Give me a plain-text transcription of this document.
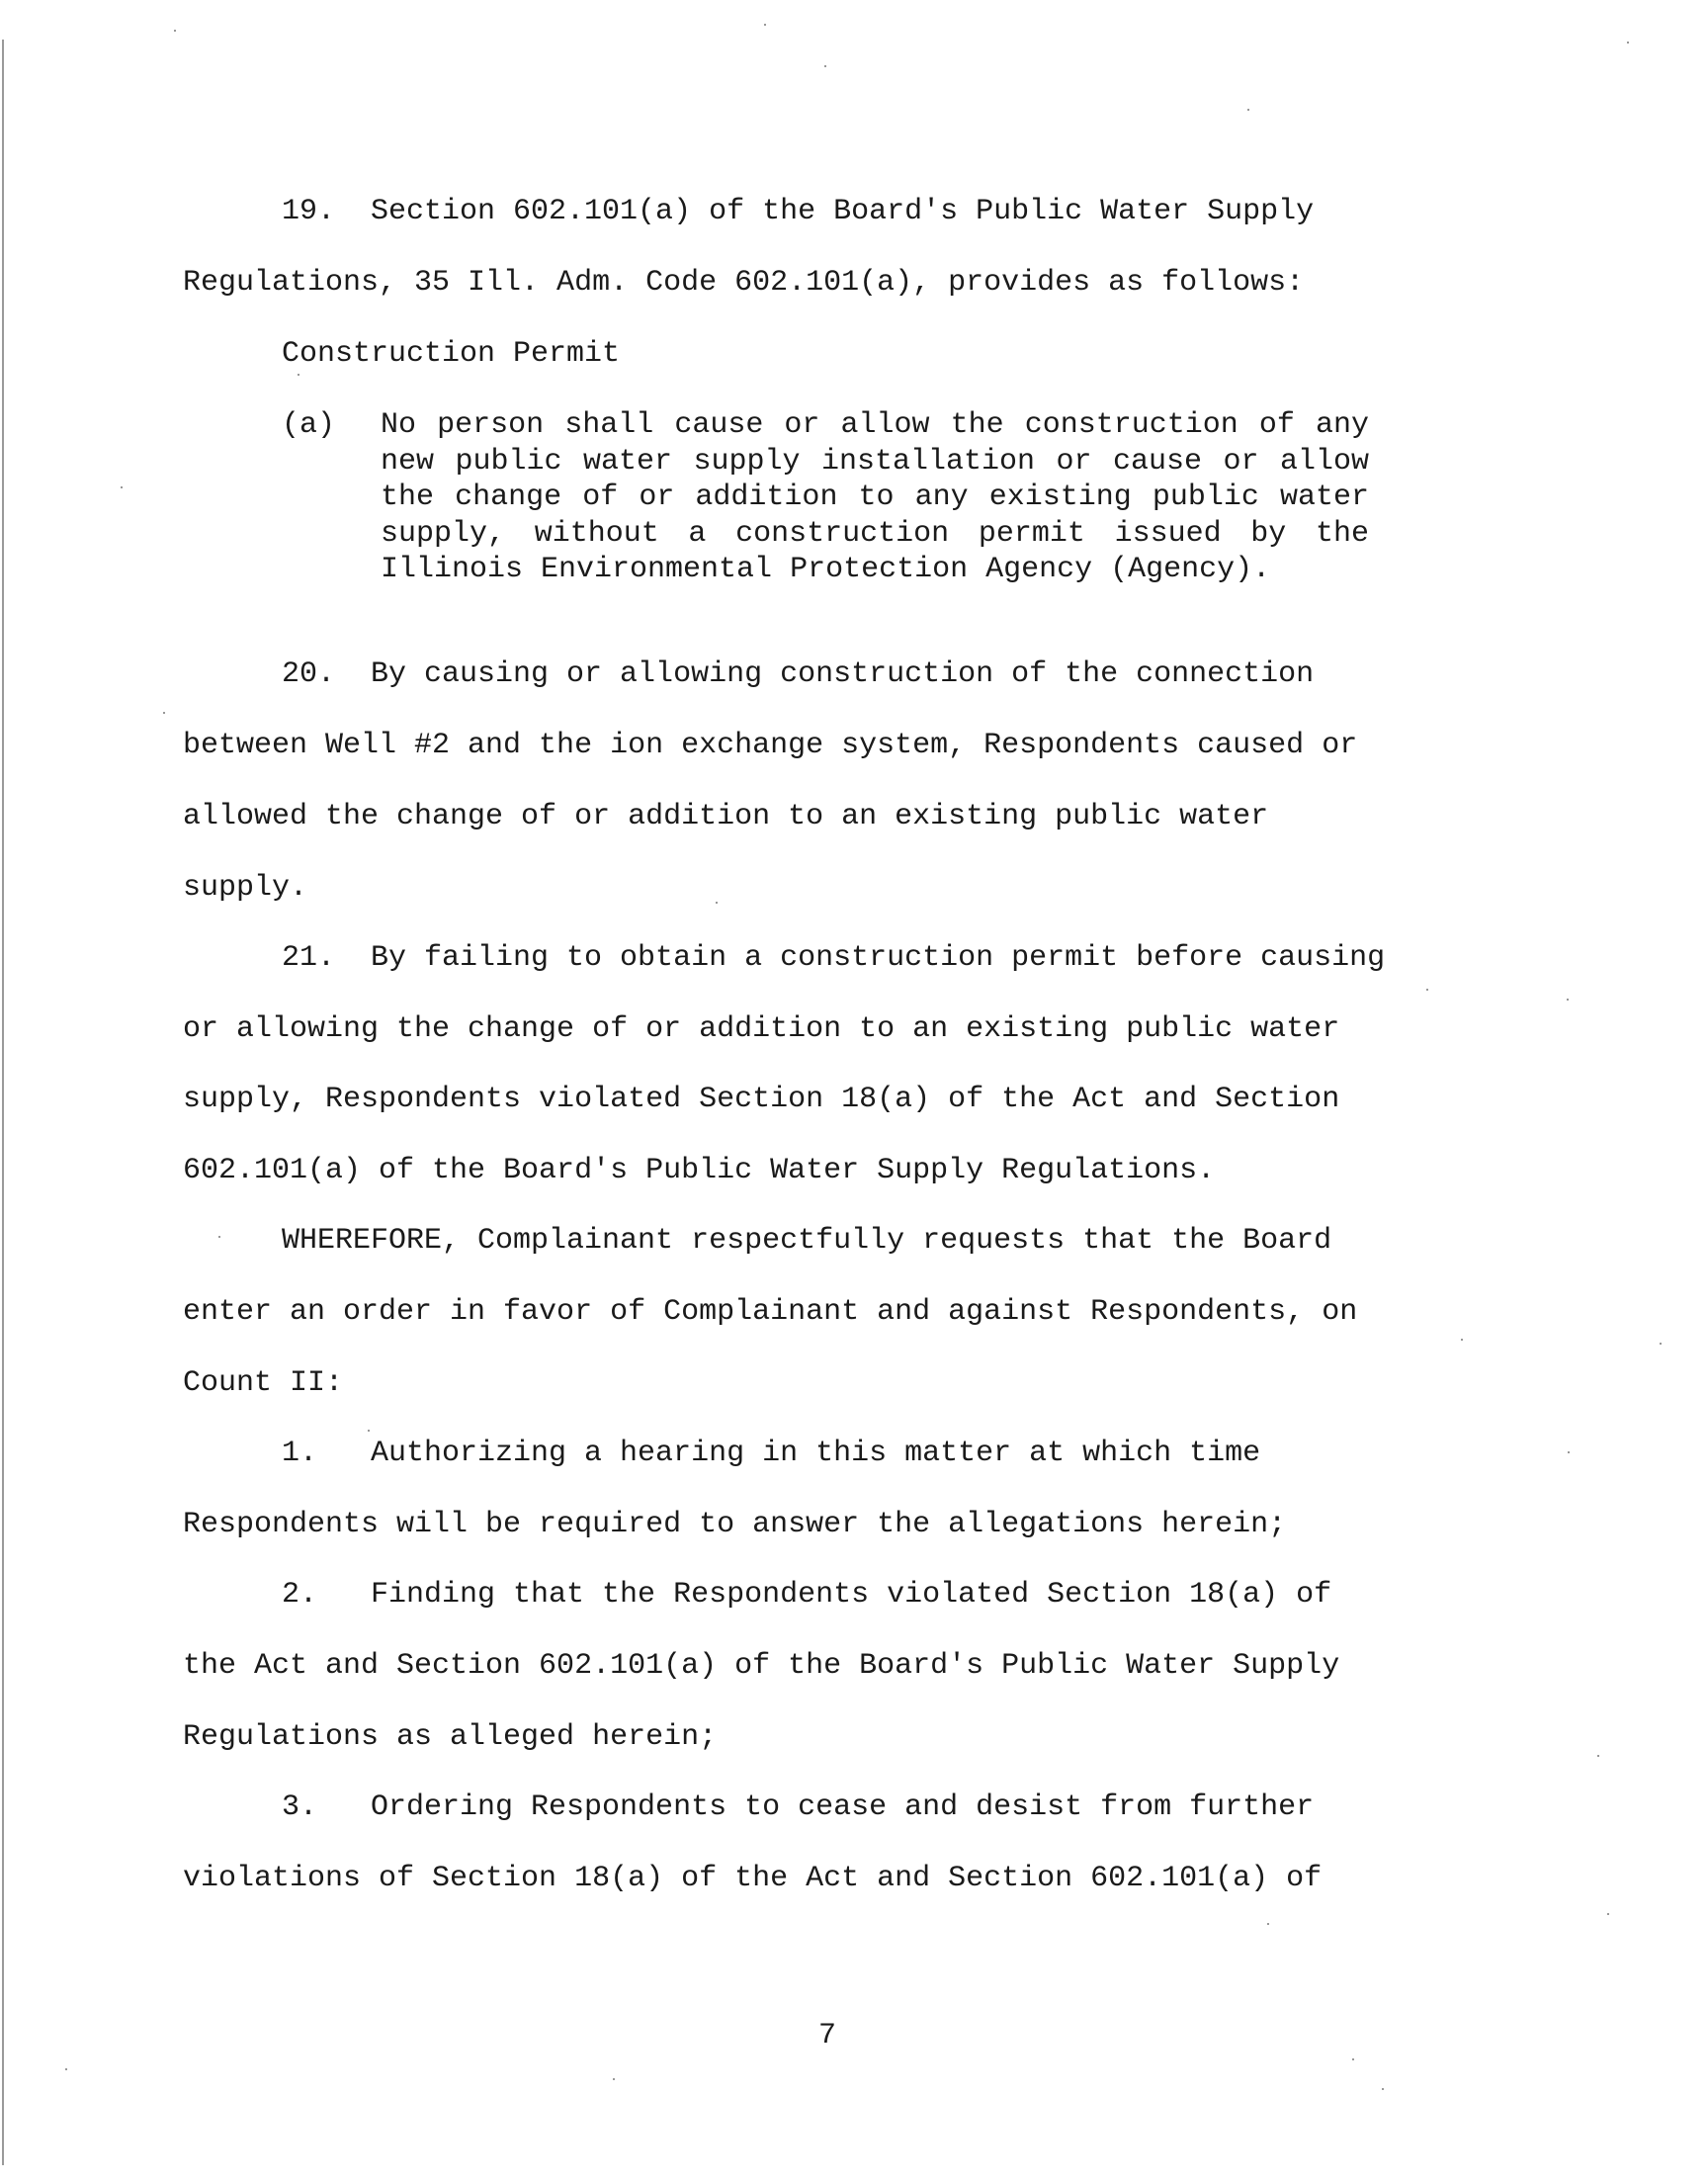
19.  Section 602.101(a) of the Board's Public Water Supply
Regulations, 35 Ill. Adm. Code 602.101(a), provides as follows:
Construction Permit
(a) No person shall cause or allow the construction of any new public water supply installation or cause or allow the change of or addition to any existing public water supply, without a construction permit issued by the Illinois Environmental Protection Agency (Agency).
20.  By causing or allowing construction of the connection
between Well #2 and the ion exchange system, Respondents caused or
allowed the change of or addition to an existing public water
supply.
21.  By failing to obtain a construction permit before causing
or allowing the change of or addition to an existing public water
supply, Respondents violated Section 18(a) of the Act and Section
602.101(a) of the Board's Public Water Supply Regulations.
WHEREFORE, Complainant respectfully requests that the Board
enter an order in favor of Complainant and against Respondents, on
Count II:
1.   Authorizing a hearing in this matter at which time
Respondents will be required to answer the allegations herein;
2.   Finding that the Respondents violated Section 18(a) of
the Act and Section 602.101(a) of the Board's Public Water Supply
Regulations as alleged herein;
3.   Ordering Respondents to cease and desist from further
violations of Section 18(a) of the Act and Section 602.101(a) of
7
